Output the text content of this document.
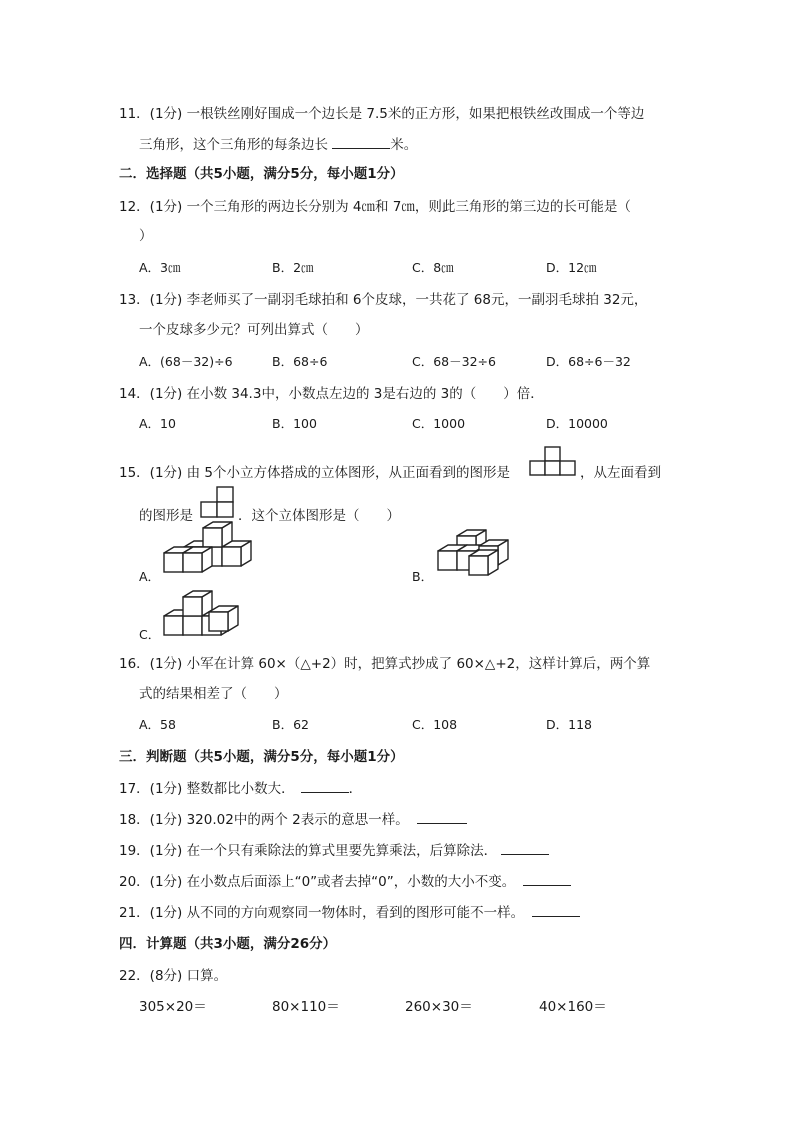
11．(1分) 一根铁丝刚好围成一个边长是 7.5米的正方形，如果把根铁丝改围成一个等边
三角形，这个三角形的每条边长	米。
二．选择题（共5小题，满分5分，每小题1分）
12．(1分) 一个三角形的两边长分别为 4㎝和 7㎝，则此三角形的第三边的长可能是（
）
A．3㎝	B．2㎝	C．8㎝	D．12㎝
13．(1分) 李老师买了一副羽毛球拍和 6个皮球，一共花了 68元，一副羽毛球拍 32元，
一个皮球多少元？可列出算式（　　）
A．(68－32)÷6	B．68÷6	C．68－32÷6	D．68÷6－32
14．(1分) 在小数 34.3中，小数点左边的 3是右边的 3的（　　）倍．
A．10	B．100	C．1000	D．10000
15．(1分) 由 5个小立方体搭成的立体图形，从正面看到的图形是	，从左面看到
的图形是	．这个立体图形是（　　）
A．	B．
C．
16．(1分) 小军在计算 60×（△+2）时，把算式抄成了 60×△+2，这样计算后，两个算
式的结果相差了（　　）
A．58	B．62	C．108	D．118
三．判断题（共5小题，满分5分，每小题1分）
17．(1分) 整数都比小数大．	．
18．(1分) 320.02中的两个 2表示的意思一样。
19．(1分) 在一个只有乘除法的算式里要先算乘法，后算除法．
20．(1分) 在小数点后面添上“0”或者去掉“0”，小数的大小不变。
21．(1分) 从不同的方向观察同一物体时，看到的图形可能不一样。
四．计算题（共3小题，满分26分）
22．(8分) 口算。
305×20＝	80×110＝	260×30＝	40×160＝
